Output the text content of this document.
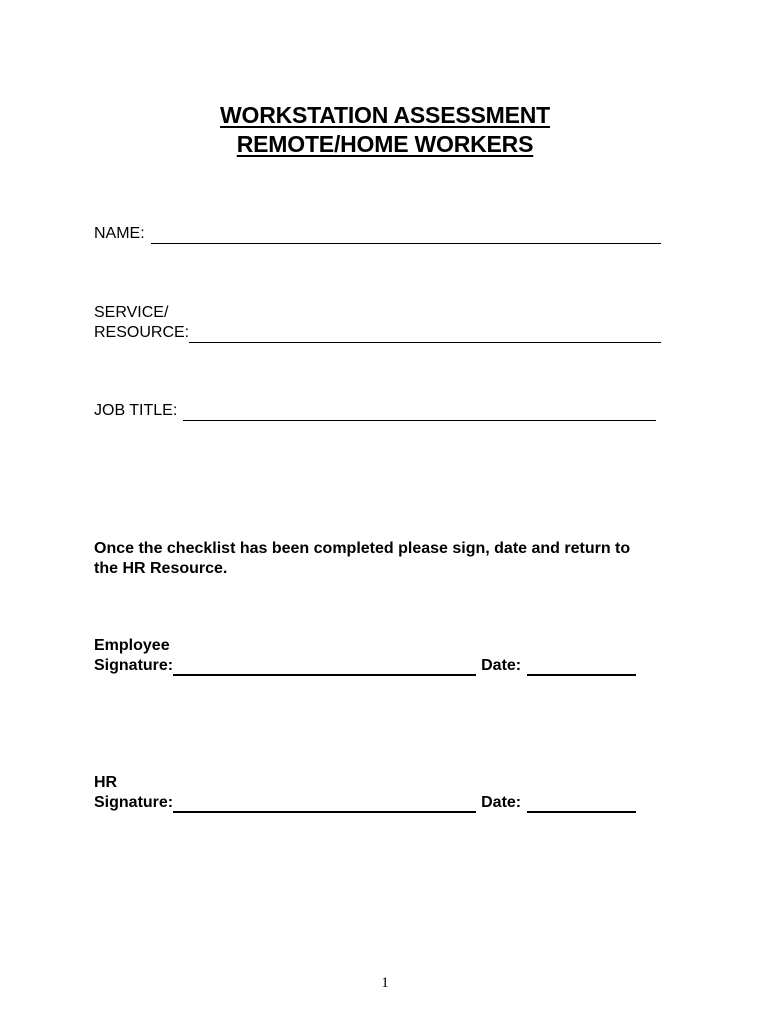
WORKSTATION ASSESSMENT
REMOTE/HOME WORKERS
NAME:
SERVICE/
RESOURCE:
JOB TITLE:
Once the checklist has been completed please sign, date and return to the HR Resource.
Employee
Signature:	Date:
HR
Signature:	Date:
1
